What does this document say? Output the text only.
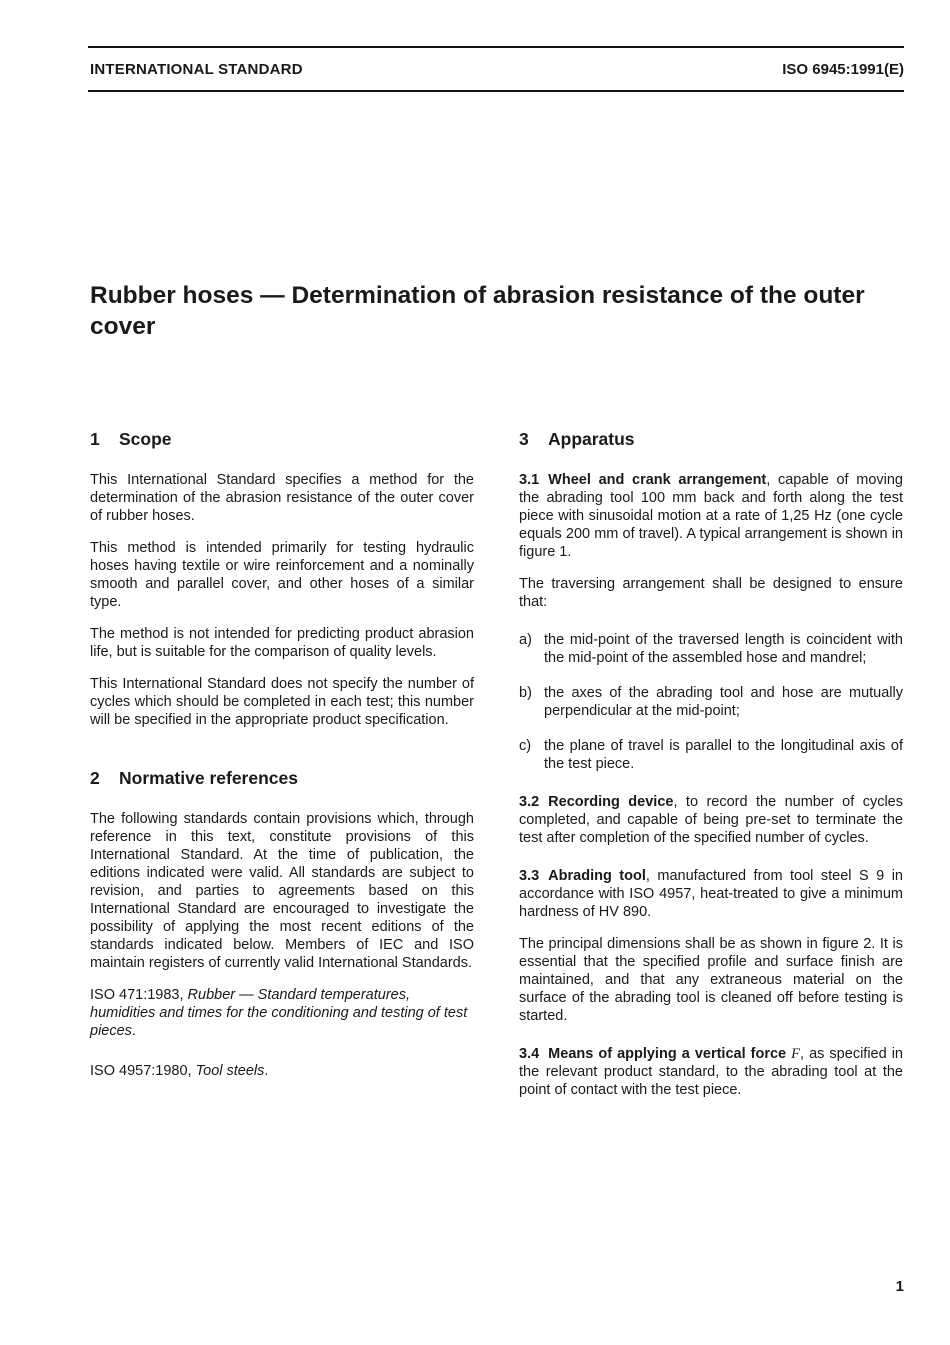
INTERNATIONAL STANDARD	ISO 6945:1991(E)
Rubber hoses — Determination of abrasion resistance of the outer cover
1 Scope

This International Standard specifies a method for the determination of the abrasion resistance of the outer cover of rubber hoses.

This method is intended primarily for testing hydraulic hoses having textile or wire reinforcement and a nominally smooth and parallel cover, and other hoses of a similar type.

The method is not intended for predicting product abrasion life, but is suitable for the comparison of quality levels.

This International Standard does not specify the number of cycles which should be completed in each test; this number will be specified in the appropriate product specification.

2 Normative references

The following standards contain provisions which, through reference in this text, constitute provisions of this International Standard. At the time of publication, the editions indicated were valid. All standards are subject to revision, and parties to agreements based on this International Standard are encouraged to investigate the possibility of applying the most recent editions of the standards indicated below. Members of IEC and ISO maintain registers of currently valid International Standards.

ISO 471:1983, Rubber — Standard temperatures, humidities and times for the conditioning and testing of test pieces.

ISO 4957:1980, Tool steels.

3 Apparatus

3.1 Wheel and crank arrangement, capable of moving the abrading tool 100 mm back and forth along the test piece with sinusoidal motion at a rate of 1,25 Hz (one cycle equals 200 mm of travel). A typical arrangement is shown in figure 1.

The traversing arrangement shall be designed to ensure that:

a) the mid-point of the traversed length is coincident with the mid-point of the assembled hose and mandrel;
b) the axes of the abrading tool and hose are mutually perpendicular at the mid-point;
c) the plane of travel is parallel to the longitudinal axis of the test piece.

3.2 Recording device, to record the number of cycles completed, and capable of being pre-set to terminate the test after completion of the specified number of cycles.

3.3 Abrading tool, manufactured from tool steel S 9 in accordance with ISO 4957, heat-treated to give a minimum hardness of HV 890.

The principal dimensions shall be as shown in figure 2. It is essential that the specified profile and surface finish are maintained, and that any extraneous material on the surface of the abrading tool is cleaned off before testing is started.

3.4 Means of applying a vertical force F, as specified in the relevant product standard, to the abrading tool at the point of contact with the test piece.

1
